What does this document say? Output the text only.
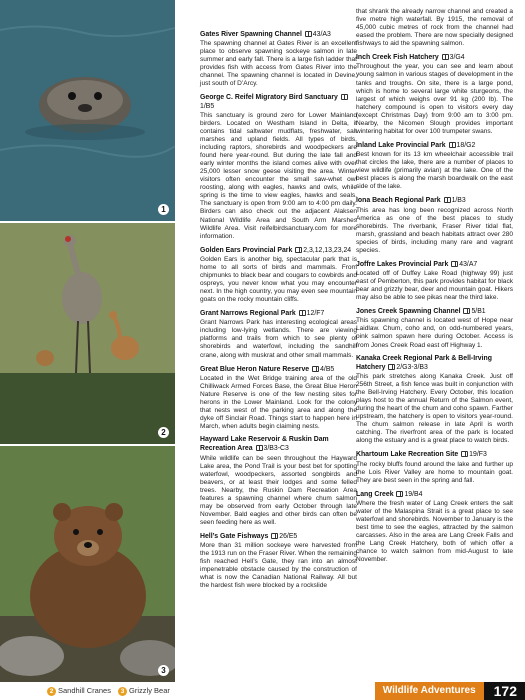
1
2
3
Gates River Spawning Channel 43/A3

The spawning channel at Gates River is an excellent place to observe spawning sockeye salmon in late summer and early fall. There is a large fish ladder that provides fish with access from Gates River into the channel. The spawning channel is located in Devine, just south of D’Arcy.

George C. Reifel Migratory Bird Sanctuary 1/B5

This sanctuary is ground zero for Lower Mainland birders. Located on Westham Island in Delta, it contains tidal saltwater mudflats, freshwater, salt marshes and upland fields. All types of birds, including raptors, shorebirds and woodpeckers are found here year-round. But during the late fall and early winter months the island comes alive with over 25,000 lesser snow geese visiting the area. Winter visitors often encounter the small saw-whet owl roosting, along with eagles, hawks and owls, while spring is the time to view eagles, hawks and seals. The sanctuary is open from 9:00 am to 4:00 pm daily. Birders can also check out the adjacent Alaksen National Wildlife Area and South Arm Marshes Wildlife Area. Visit reifelbirdsanctuary.com for more information.

Golden Ears Provincial Park 2,3,12,13,23,24

Golden Ears is another big, spectacular park that is home to all sorts of birds and mammals. From chipmunks to black bear and cougars to cowbirds and ospreys, you never know what you may encounter next. In the high country, you may even see mountain goats on the rocky mountain cliffs.

Grant Narrows Regional Park 12/F7

Grant Narrows Park has interesting ecological areas including low-lying wetlands. There are viewing platforms and trails from which to see plenty of shorebirds and waterfowl, including the sandhill crane, along with muskrat and other small mammals.

Great Blue Heron Nature Reserve 4/B5

Located in the Wet Bridge training area of the old Chilliwack Armed Forces Base, the Great Blue Heron Nature Reserve is one of the few nesting sites for herons in the Lower Mainland. Look for the colony that nests west of the parking area and along the dyke off Sinclair Road. Things start to happen here in March, when adults begin claiming nests.

Hayward Lake Reservoir & Ruskin Dam Recreation Area 3/B3-C3

While wildlife can be seen throughout the Hayward Lake area, the Pond Trail is your best bet for spotting waterfowl, woodpeckers, assorted songbirds and beavers, or at least their lodges and some felled trees. Nearby, the Ruskin Dam Recreation Area features a spawning channel where chum salmon may be observed from early October through late November. Bald eagles and other birds can often be seen feeding here as well.

Hell’s Gate Fishways 26/E5

More than 31 million sockeye were harvested from the 1913 run on the Fraser River. When the remaining fish reached Hell’s Gate, they ran into an almost impenetrable obstacle caused by the construction of what is now the Canadian National Railway. All but the hardest fish were blocked by a rockslide

that shrank the already narrow channel and created a five metre high waterfall. By 1915, the removal of 45,000 cubic metres of rock from the channel had eased the problem. There are now specially designed fishways to aid the spawning salmon.

Inch Creek Fish Hatchery 3/G4

Throughout the year, you can see and learn about young salmon in various stages of development in the tanks and troughs. On site, there is a large pond, which is home to several large white sturgeons, the largest of which weighs over 91 kg (200 lb). The hatchery compound is open to visitors every day (except Christmas Day) from 9:00 am to 3:00 pm. Nearby, the Nicomen Slough provides important wintering habitat for over 100 trumpeter swans.

Inland Lake Provincial Park 18/G2

Best known for its 13 km wheelchair accessible trail that circles the lake, there are a number of places to view wildlife (primarily avian) at the lake. One of the best places is along the marsh boardwalk on the east side of the lake.

Iona Beach Regional Park 1/B3

This area has long been recognized across North America as one of the best places to study shorebirds. The riverbank, Fraser River tidal flat, marsh, grassland and beach habitats attract over 280 species of birds, including many rare and vagrant species.

Joffre Lakes Provincial Park 43/A7

Located off of Duffey Lake Road (highway 99) just east of Pemberton, this park provides habitat for black bear and grizzly bear, deer and mountain goat. Hikers may also be able to see pikas near the third lake.

Jones Creek Spawning Channel 5/B1

This spawning channel is located west of Hope near Laidlaw. Chum, coho and, on odd-numbered years, pink salmon spawn here during October. Access is from Jones Creek Road east off Highway 1.

Kanaka Creek Regional Park & Bell-Irving Hatchery 2/G3-3/B3

This park stretches along Kanaka Creek. Just off 256th Street, a fish fence was built in conjunction with the Bell-Irving Hatchery. Every October, this location plays host to the annual Return of the Salmon event, during the heart of the chum and coho spawn. Farther upstream, the hatchery is open to visitors year-round. The chum salmon release in late April is worth catching. The riverfront area of the park is located along the estuary and is a great place to watch birds.

Khartoum Lake Recreation Site 19/F3

The rocky bluffs found around the lake and further up the Lois River Valley are home to mountain goat. They are best seen in the spring and fall.

Lang Creek 19/B4

Where the fresh water of Lang Creek enters the salt water of the Malaspina Strait is a great place to see waterfowl and shorebirds. November to January is the best time to see the eagles, attracted by the salmon carcasses. Also in the area are Lang Creek Falls and the Lang Creek Hatchery, both of which offer a chance to watch salmon from mid-August to late November.

2 Sandhill Cranes 3 Grizzly Bear	Wildlife Adventures	172
